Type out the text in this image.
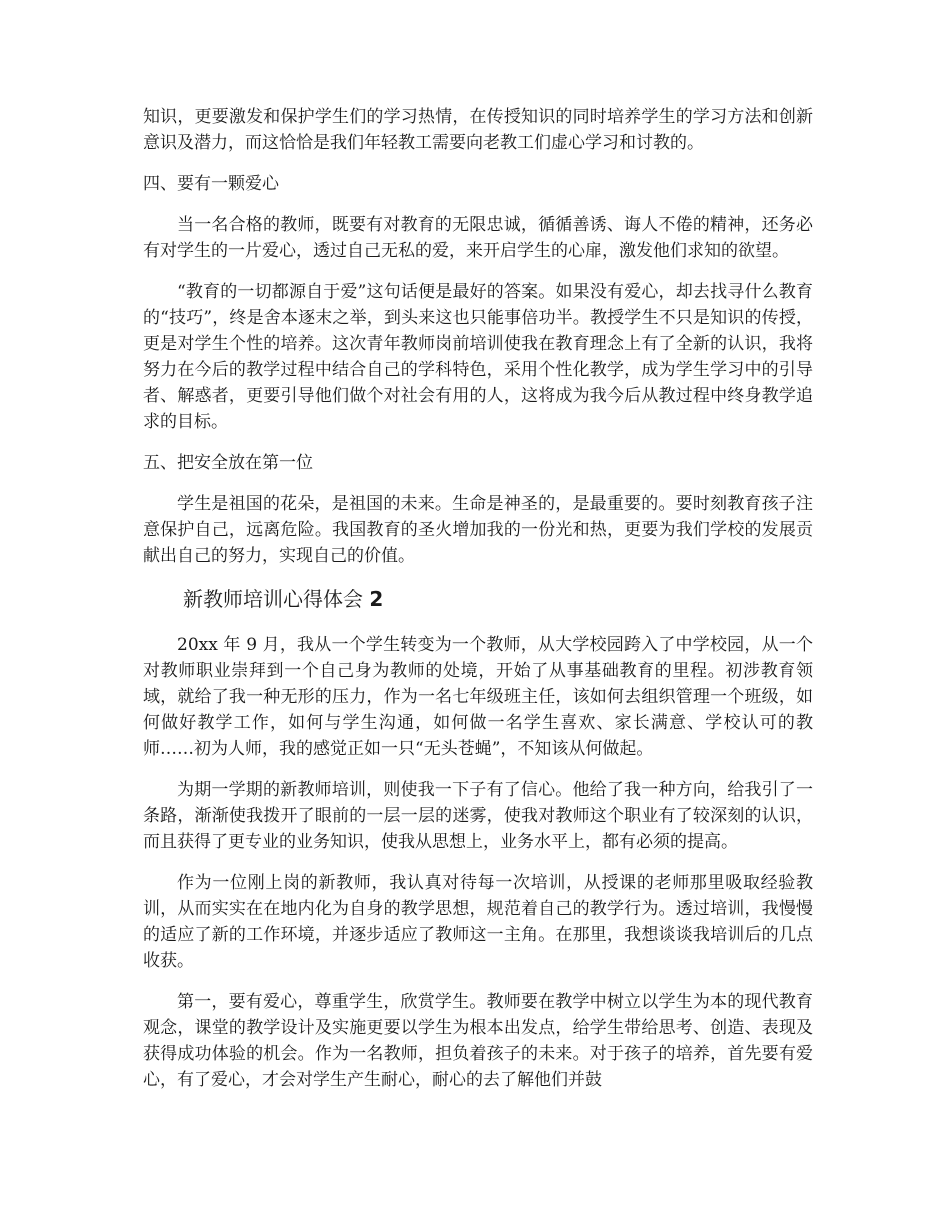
知识，更要激发和保护学生们的学习热情，在传授知识的同时培养学生的学习方法和创新意识及潜力，而这恰恰是我们年轻教工需要向老教工们虚心学习和讨教的。

四、要有一颗爱心

当一名合格的教师，既要有对教育的无限忠诚，循循善诱、诲人不倦的精神，还务必有对学生的一片爱心，透过自己无私的爱，来开启学生的心扉，激发他们求知的欲望。

“教育的一切都源自于爱”这句话便是最好的答案。如果没有爱心，却去找寻什么教育的“技巧”，终是舍本逐末之举，到头来这也只能事倍功半。教授学生不只是知识的传授，更是对学生个性的培养。这次青年教师岗前培训使我在教育理念上有了全新的认识，我将努力在今后的教学过程中结合自己的学科特色，采用个性化教学，成为学生学习中的引导者、解惑者，更要引导他们做个对社会有用的人，这将成为我今后从教过程中终身教学追求的目标。

五、把安全放在第一位

学生是祖国的花朵，是祖国的未来。生命是神圣的，是最重要的。要时刻教育孩子注意保护自己，远离危险。我国教育的圣火增加我的一份光和热，更要为我们学校的发展贡献出自己的努力，实现自己的价值。

新教师培训心得体会 2

20xx 年 9 月，我从一个学生转变为一个教师，从大学校园跨入了中学校园，从一个对教师职业崇拜到一个自己身为教师的处境，开始了从事基础教育的里程。初涉教育领域，就给了我一种无形的压力，作为一名七年级班主任，该如何去组织管理一个班级，如何做好教学工作，如何与学生沟通，如何做一名学生喜欢、家长满意、学校认可的教师……初为人师，我的感觉正如一只“无头苍蝇”，不知该从何做起。

为期一学期的新教师培训，则使我一下子有了信心。他给了我一种方向，给我引了一条路，渐渐使我拨开了眼前的一层一层的迷雾，使我对教师这个职业有了较深刻的认识，而且获得了更专业的业务知识，使我从思想上，业务水平上，都有必须的提高。

作为一位刚上岗的新教师，我认真对待每一次培训，从授课的老师那里吸取经验教训，从而实实在在地内化为自身的教学思想，规范着自己的教学行为。透过培训，我慢慢的适应了新的工作环境，并逐步适应了教师这一主角。在那里，我想谈谈我培训后的几点收获。

第一，要有爱心，尊重学生，欣赏学生。教师要在教学中树立以学生为本的现代教育观念，课堂的教学设计及实施更要以学生为根本出发点，给学生带给思考、创造、表现及获得成功体验的机会。作为一名教师，担负着孩子的未来。对于孩子的培养，首先要有爱心，有了爱心，才会对学生产生耐心，耐心的去了解他们并鼓
